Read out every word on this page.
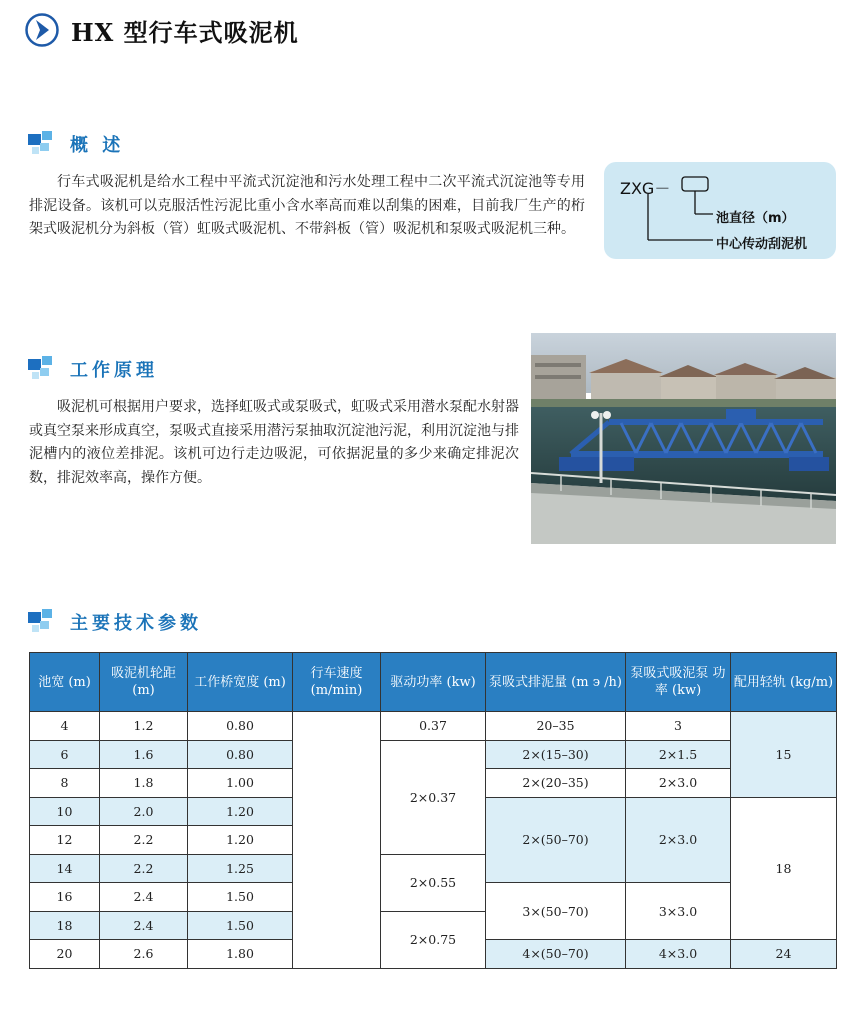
HX 型行车式吸泥机
概 述

行车式吸泥机是给水工程中平流式沉淀池和污水处理工程中二次平流式沉淀池等专用排泥设备。该机可以克服活性污泥比重小含水率高而难以刮集的困难，目前我厂生产的桁架式吸泥机分为斜板（管）虹吸式吸泥机、不带斜板（管）吸泥机和泵吸式吸泥机三种。

ZXG－
池直径（m）
中心传动刮泥机
工作原理

吸泥机可根据用户要求，选择虹吸式或泵吸式，虹吸式采用潜水泵配水射器或真空泵来形成真空，泵吸式直接采用潜污泵抽取沉淀池污泥，利用沉淀池与排泥槽内的液位差排泥。该机可边行走边吸泥，可依据泥量的多少来确定排泥次数，排泥效率高，操作方便。

主要技术参数
池宽 (m)	吸泥机轮距 (m)	工作桥宽度 (m)	行车速度 (m/min)	驱动功率 (kw)	泵吸式排泥量 (m э /h)	泵吸式吸泥泵 功率 (kw)	配用轻轨 (kg/m)
4	1.2	0.80		0.37	20–35	3	15
6	1.6	0.80		2×0.37	2×(15–30)	2×1.5	
8	1.8	1.00			2×(20–35)	2×3.0	
10	2.0	1.20			2×(50–70)	2×3.0	18
12	2.2	1.20					
14	2.2	1.25		2×0.55			
16	2.4	1.50			3×(50–70)	3×3.0	
18	2.4	1.50		2×0.75			
20	2.6	1.80			4×(50–70)	4×3.0	24
